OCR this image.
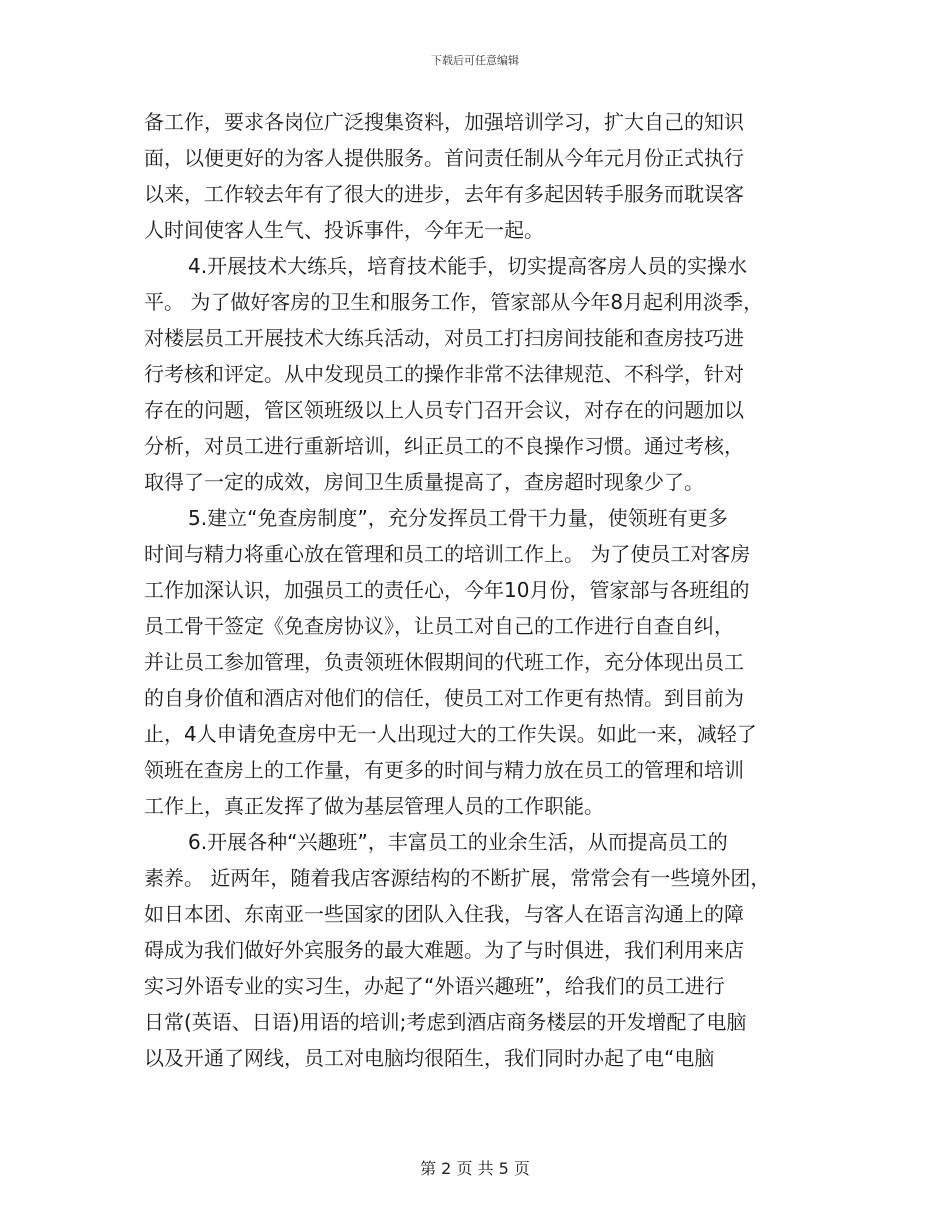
下载后可任意编辑
备工作，要求各岗位广泛搜集资料，加强培训学习，扩大自己的知识
面，以便更好的为客人提供服务。首问责任制从今年元月份正式执行
以来，工作较去年有了很大的进步，去年有多起因转手服务而耽误客
人时间使客人生气、投诉事件，今年无一起。
4.开展技术大练兵，培育技术能手，切实提高客房人员的实操水
平。 为了做好客房的卫生和服务工作，管家部从今年8月起利用淡季，
对楼层员工开展技术大练兵活动，对员工打扫房间技能和查房技巧进
行考核和评定。从中发现员工的操作非常不法律规范、不科学，针对
存在的问题，管区领班级以上人员专门召开会议，对存在的问题加以
分析，对员工进行重新培训，纠正员工的不良操作习惯。通过考核，
取得了一定的成效，房间卫生质量提高了，查房超时现象少了。
5.建立“免查房制度”，充分发挥员工骨干力量，使领班有更多
时间与精力将重心放在管理和员工的培训工作上。 为了使员工对客房
工作加深认识，加强员工的责任心，今年10月份，管家部与各班组的
员工骨干签定《免查房协议》，让员工对自己的工作进行自查自纠，
并让员工参加管理，负责领班休假期间的代班工作，充分体现出员工
的自身价值和酒店对他们的信任，使员工对工作更有热情。到目前为
止，4人申请免查房中无一人出现过大的工作失误。如此一来，减轻了
领班在查房上的工作量，有更多的时间与精力放在员工的管理和培训
工作上，真正发挥了做为基层管理人员的工作职能。
6.开展各种“兴趣班”，丰富员工的业余生活，从而提高员工的
素养。 近两年，随着我店客源结构的不断扩展，常常会有一些境外团，
如日本团、东南亚一些国家的团队入住我，与客人在语言沟通上的障
碍成为我们做好外宾服务的最大难题。为了与时俱进，我们利用来店
实习外语专业的实习生，办起了“外语兴趣班”，给我们的员工进行
日常(英语、日语)用语的培训;考虑到酒店商务楼层的开发增配了电脑
以及开通了网线，员工对电脑均很陌生，我们同时办起了电“电脑
第 2 页 共 5 页
